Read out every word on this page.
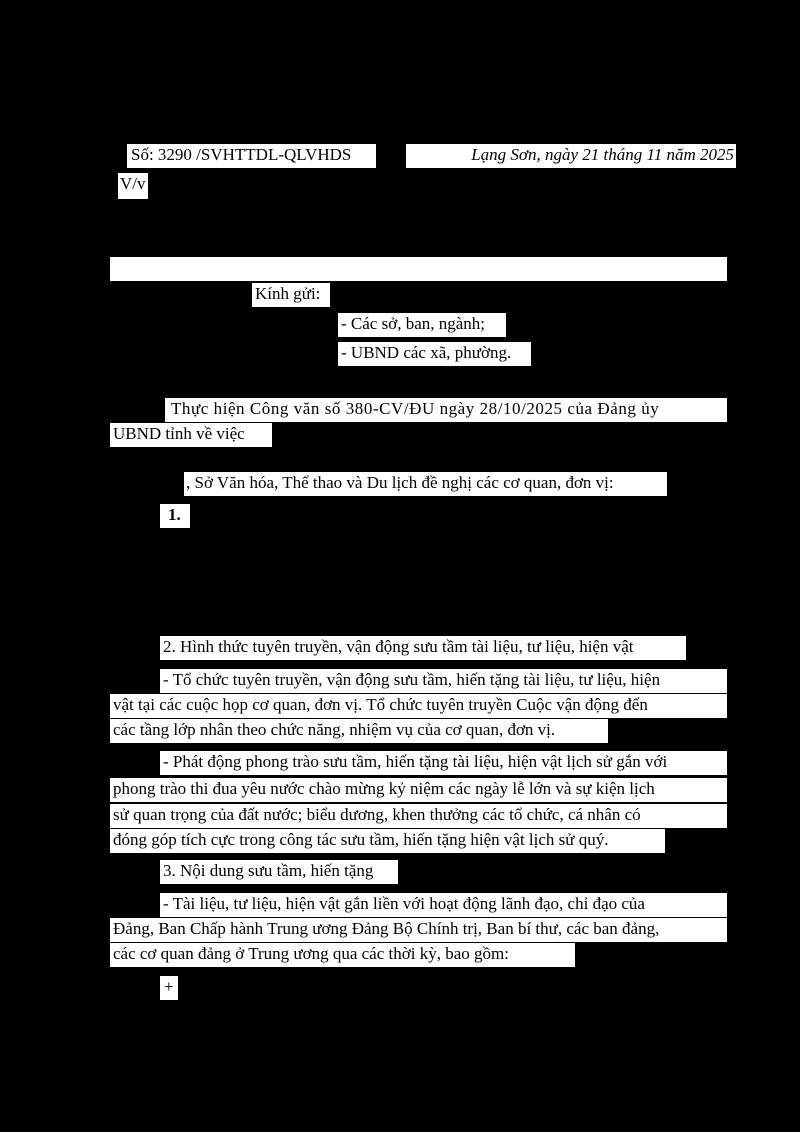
Số: 3290 /SVHTTDL-QLVHDS	Lạng Sơn, ngày 21 tháng 11 năm 2025
V/v
Kính gửi:
- Các sở, ban, ngành;
- UBND các xã, phường.
Thực hiện Công văn số 380-CV/ĐU ngày 28/10/2025 của Đảng ủy
UBND tỉnh về việc
, Sở Văn hóa, Thể thao và Du lịch đề nghị các cơ quan, đơn vị:
1.
2. Hình thức tuyên truyền, vận động sưu tầm tài liệu, tư liệu, hiện vật
- Tổ chức tuyên truyền, vận động sưu tầm, hiến tặng tài liệu, tư liệu, hiện
vật tại các cuộc họp cơ quan, đơn vị. Tổ chức tuyên truyền Cuộc vận động đến
các tầng lớp nhân theo chức năng, nhiệm vụ của cơ quan, đơn vị.
- Phát động phong trào sưu tầm, hiến tặng tài liệu, hiện vật lịch sử gắn với
phong trào thi đua yêu nước chào mừng kỷ niệm các ngày lễ lớn và sự kiện lịch
sử quan trọng của đất nước; biểu dương, khen thưởng các tổ chức, cá nhân có
đóng góp tích cực trong công tác sưu tầm, hiến tặng hiện vật lịch sử quý.
3. Nội dung sưu tầm, hiến tặng
- Tài liệu, tư liệu, hiện vật gắn liền với hoạt động lãnh đạo, chỉ đạo của
Đảng, Ban Chấp hành Trung ương Đảng Bộ Chính trị, Ban bí thư, các ban đảng,
các cơ quan đảng ở Trung ương qua các thời kỳ, bao gồm:
+
